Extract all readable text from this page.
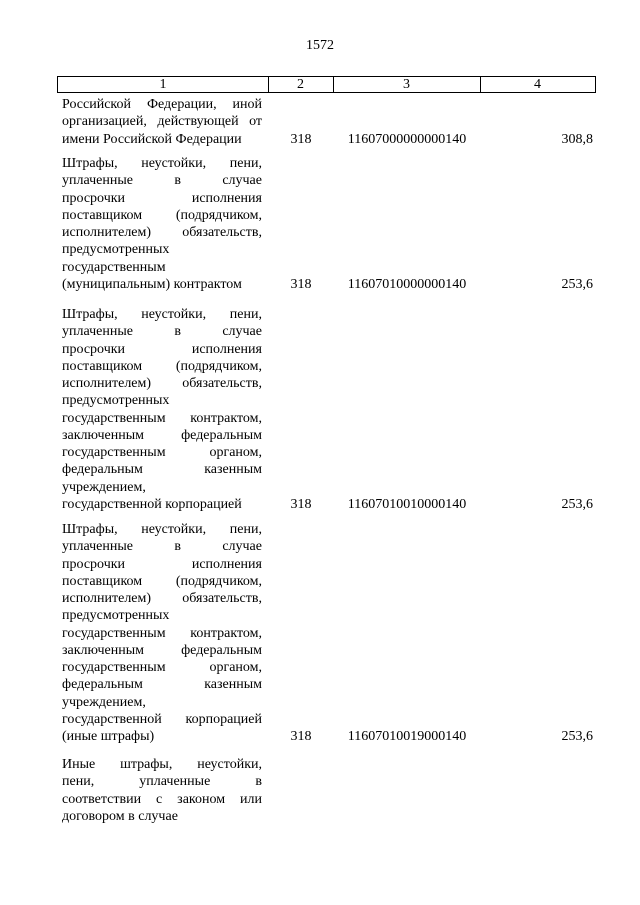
1572
1	2	3	4
Российской Федерации, иной
организацией, действующей от
имени Российской Федерации	318	11607000000000140	308,8
Штрафы, неустойки, пени,
уплаченные в случае
просрочки исполнения
поставщиком (подрядчиком,
исполнителем) обязательств,
предусмотренных
государственным
(муниципальным) контрактом	318	11607010000000140	253,6
Штрафы, неустойки, пени,
уплаченные в случае
просрочки исполнения
поставщиком (подрядчиком,
исполнителем) обязательств,
предусмотренных
государственным контрактом,
заключенным федеральным
государственным органом,
федеральным казенным
учреждением,
государственной корпорацией	318	11607010010000140	253,6
Штрафы, неустойки, пени,
уплаченные в случае
просрочки исполнения
поставщиком (подрядчиком,
исполнителем) обязательств,
предусмотренных
государственным контрактом,
заключенным федеральным
государственным органом,
федеральным казенным
учреждением,
государственной корпорацией
(иные штрафы)	318	11607010019000140	253,6
Иные штрафы, неустойки,
пени, уплаченные в
соответствии с законом или
договором в случае
